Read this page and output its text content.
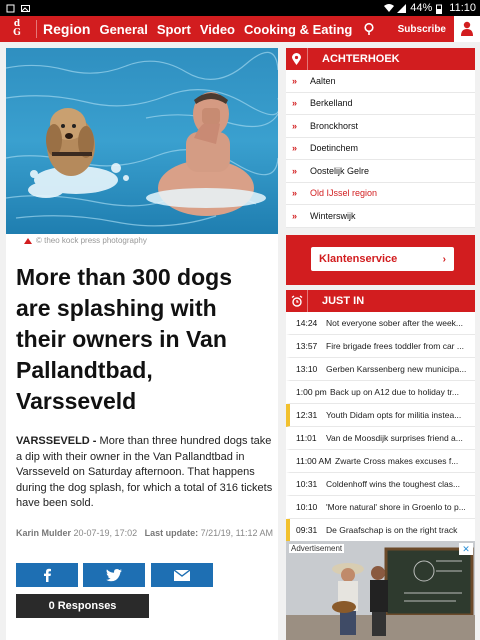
44% 11:10
d
G Region General Sport Video Cooking & Eating	Subscribe
© theo kock press photography
More than 300 dogs are splashing with their owners in Van Pallandtbad, Varsseveld

VARSSEVELD - More than three hundred dogs take a dip with their owner in the Van Pallandtbad in Varsseveld on Saturday afternoon. That happens during the dog splash, for which a total of 316 tickets have been sold.

Karin Mulder 20-07-19, 17:02 Last update: 7/21/19, 11:12 AM
0 Responses
ACHTERHOEK
»	Aalten
»	Berkelland
»	Bronckhorst
»	Doetinchem
»	Oostelijk Gelre
»	Old IJssel region
»	Winterswijk
Klantenservice	›
JUST IN
14:24	Not everyone sober after the week...
13:57	Fire brigade frees toddler from car ...
13:10	Gerben Karssenberg new municipa...
1:00 pm Back up on A12 due to holiday tr...
12:31	Youth Didam opts for militia instea...
11:01	Van de Moosdijk surprises friend a...
11:00 AM Zwarte Cross makes excuses f...
10:31	Coldenhoff wins the toughest clas...
10:10	'More natural' shore in Groenlo to p...
09:31	De Graafschap is on the right track
Advertisement	✕
